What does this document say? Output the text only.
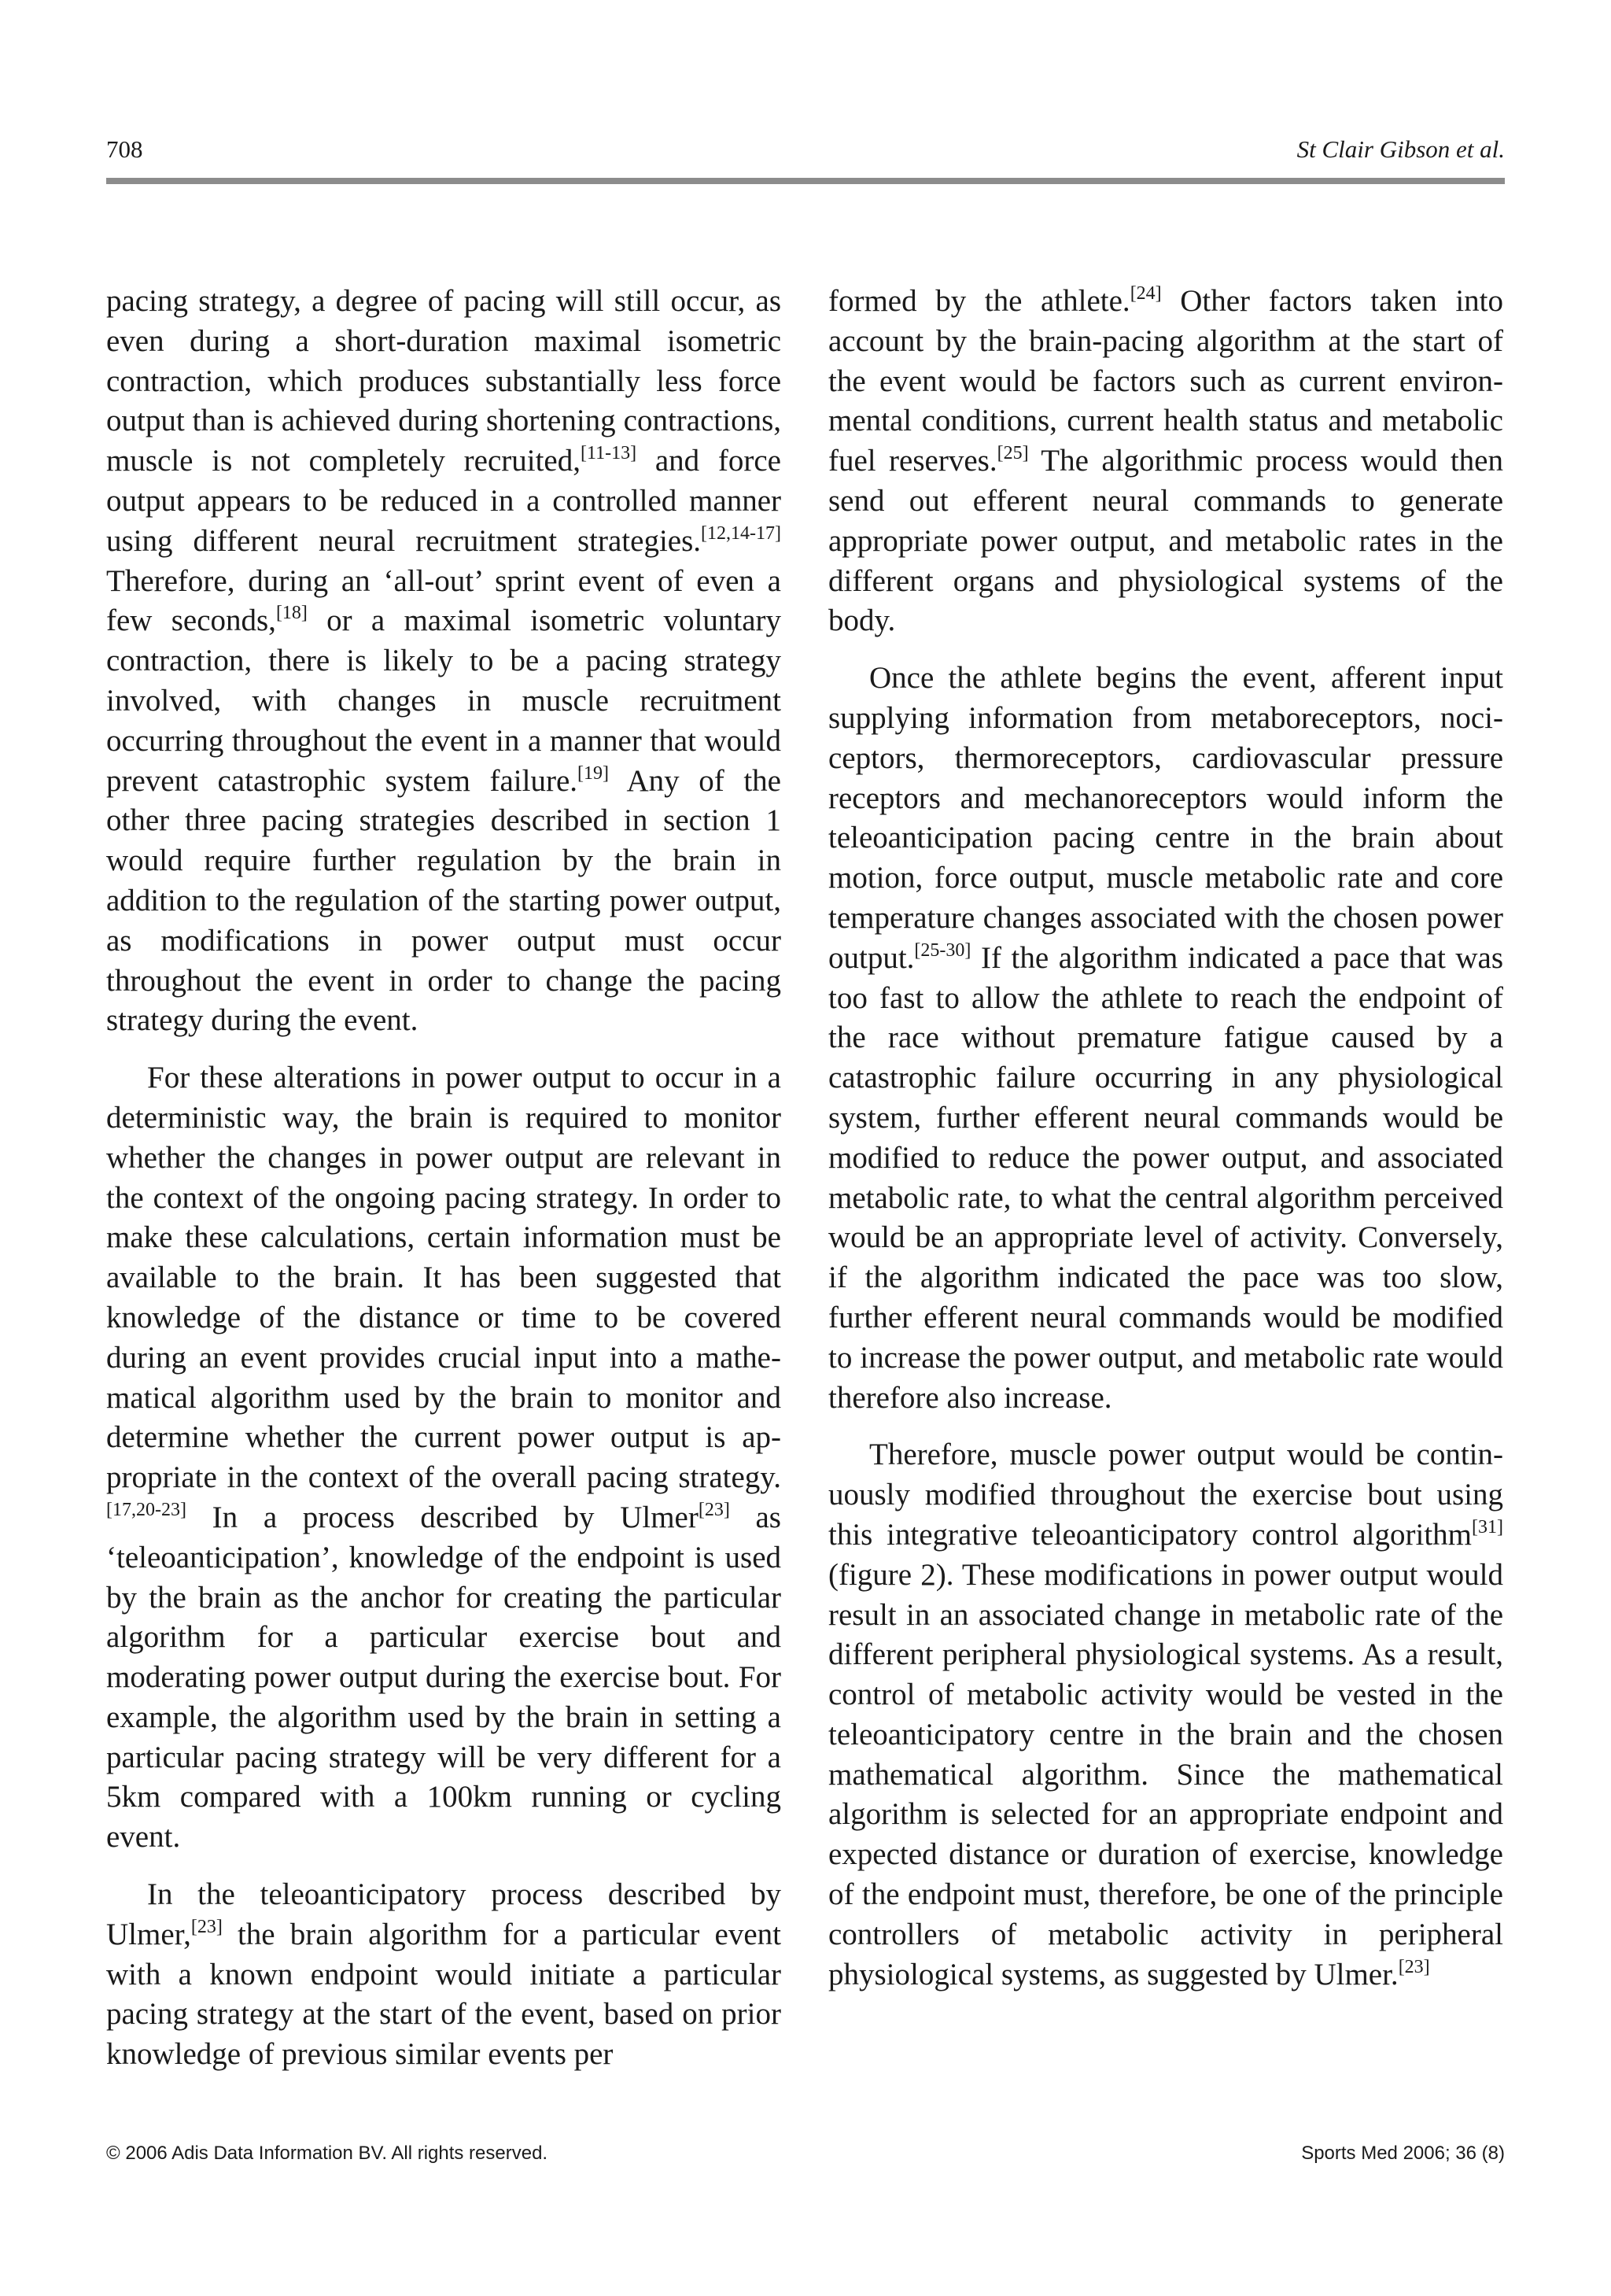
708	St Clair Gibson et al.

pacing strategy, a degree of pacing will still occur, as even during a short-duration maximal isometric contraction, which produces substantially less force output than is achieved during shortening contractions, muscle is not completely recruited,[11-13] and force output appears to be reduced in a controlled manner using different neural recruitment strategies.[12,14-17] Therefore, during an ‘all-out’ sprint event of even a few seconds,[18] or a maximal isometric voluntary contraction, there is likely to be a pacing strategy involved, with changes in muscle recruitment occurring throughout the event in a manner that would prevent catastrophic system failure.[19] Any of the other three pacing strategies described in section 1 would require further regulation by the brain in addition to the regulation of the starting power output, as modifications in power output must occur throughout the event in order to change the pacing strategy during the event.

For these alterations in power output to occur in a deterministic way, the brain is required to monitor whether the changes in power output are relevant in the context of the ongoing pacing strategy. In order to make these calculations, certain information must be available to the brain. It has been suggested that knowledge of the distance or time to be covered during an event provides crucial input into a mathematical algorithm used by the brain to monitor and determine whether the current power output is appropriate in the context of the overall pacing strategy.[17,20-23] In a process described by Ulmer[23] as ‘teleoanticipation’, knowledge of the endpoint is used by the brain as the anchor for creating the particular algorithm for a particular exercise bout and moderating power output during the exercise bout. For example, the algorithm used by the brain in setting a particular pacing strategy will be very different for a 5km compared with a 100km running or cycling event.

In the teleoanticipatory process described by Ulmer,[23] the brain algorithm for a particular event with a known endpoint would initiate a particular pacing strategy at the start of the event, based on prior knowledge of previous similar events per

formed by the athlete.[24] Other factors taken into account by the brain-pacing algorithm at the start of the event would be factors such as current environmental conditions, current health status and metabolic fuel reserves.[25] The algorithmic process would then send out efferent neural commands to generate appropriate power output, and metabolic rates in the different organs and physiological systems of the body.

Once the athlete begins the event, afferent input supplying information from metaboreceptors, nociceptors, thermoreceptors, cardiovascular pressure receptors and mechanoreceptors would inform the teleoanticipation pacing centre in the brain about motion, force output, muscle metabolic rate and core temperature changes associated with the chosen power output.[25-30] If the algorithm indicated a pace that was too fast to allow the athlete to reach the endpoint of the race without premature fatigue caused by a catastrophic failure occurring in any physiological system, further efferent neural commands would be modified to reduce the power output, and associated metabolic rate, to what the central algorithm perceived would be an appropriate level of activity. Conversely, if the algorithm indicated the pace was too slow, further efferent neural commands would be modified to increase the power output, and metabolic rate would therefore also increase.

Therefore, muscle power output would be continuously modified throughout the exercise bout using this integrative teleoanticipatory control algorithm[31] (figure 2). These modifications in power output would result in an associated change in metabolic rate of the different peripheral physiological systems. As a result, control of metabolic activity would be vested in the teleoanticipatory centre in the brain and the chosen mathematical algorithm. Since the mathematical algorithm is selected for an appropriate endpoint and expected distance or duration of exercise, knowledge of the endpoint must, therefore, be one of the principle controllers of metabolic activity in peripheral physiological systems, as suggested by Ulmer.[23]

© 2006 Adis Data Information BV. All rights reserved.	Sports Med 2006; 36 (8)
